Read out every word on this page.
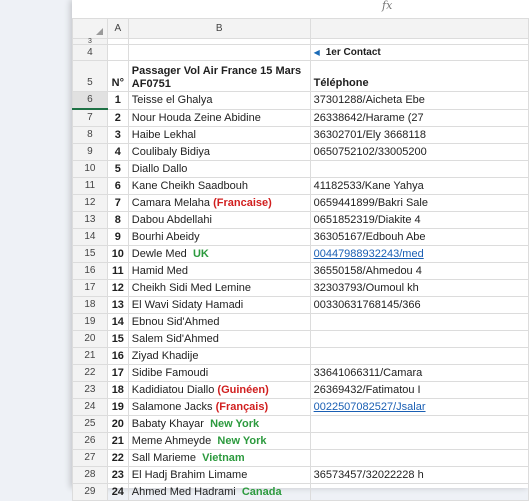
fx
	A	B	
3			
4			◀ 1er Contact
5	N°	Passager Vol Air France 15 Mars AF0751	Téléphone
6	1	Teisse el Ghalya	37301288/Aicheta Ebe
7	2	Nour Houda Zeine Abidine	26338642/Harame (27
8	3	Haibe Lekhal	36302701/Ely 3668118
9	4	Coulibaly Bidiya	0650752102/33005200
10	5	Diallo Dallo	
11	6	Kane Cheikh Saadbouh	41182533/Kane Yahya
12	7	Camara Melaha (Francaise)	0659441899/Bakri Sale
13	8	Dabou Abdellahi	0651852319/Diakite 4
14	9	Bourhi Abeidy	36305167/Edbouh Abe
15	10	Dewle Med UK	00447988932243/med
16	11	Hamid Med	36550158/Ahmedou 4
17	12	Cheikh Sidi Med Lemine	32303793/Oumoul kh
18	13	El Wavi Sidaty Hamadi	00330631768145/366
19	14	Ebnou Sid'Ahmed	
20	15	Salem Sid'Ahmed	
21	16	Ziyad Khadije	
22	17	Sidibe Famoudi	33641066311/Camara
23	18	Kadidiatou Diallo (Guinéen)	26369432/Fatimatou I
24	19	Salamone Jacks (Français)	0022507082527/Jsalar
25	20	Babaty Khayar New York	
26	21	Meme Ahmeyde New York	
27	22	Sall Marieme Vietnam	
28	23	El Hadj Brahim Limame	36573457/32022228 h
29	24	Ahmed Med Hadrami Canada	
